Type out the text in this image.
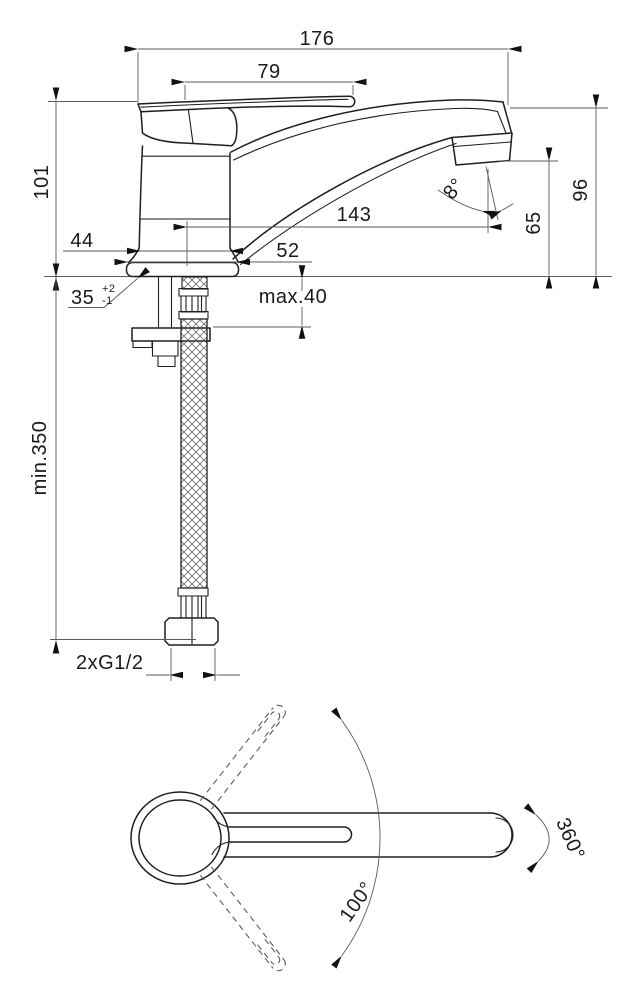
176
79
101
min.350
44	52
143
35 +2
-1	max.40
8°
65
96
2xG1/2
100°
360°
